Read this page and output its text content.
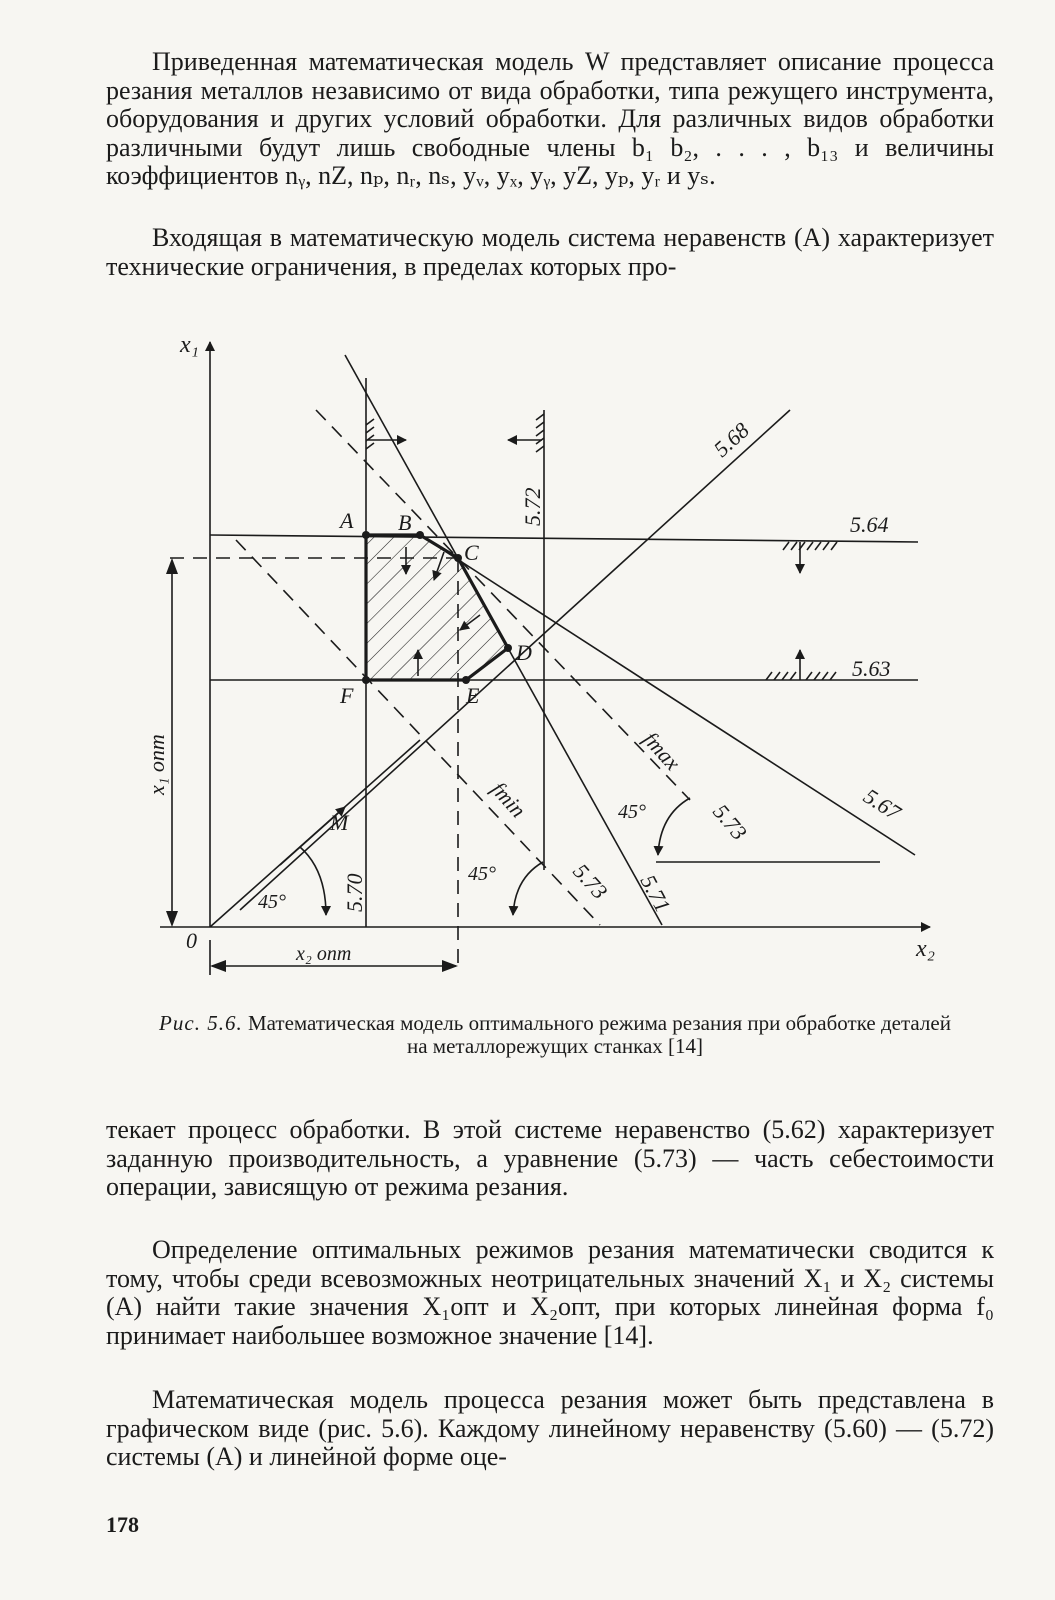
Приведенная математическая модель W представляет описание процесса резания металлов независимо от вида обработки, типа режущего инструмента, оборудования и других условий обработки. Для различных видов обработки различными будут лишь свободные члены b₁ b₂, . . . , b₁₃ и величины коэффициентов nᵧ, nZ, nₚ, nᵣ, nₛ, yᵥ, yₓ, yᵧ, yZ, yₚ, yᵣ и yₛ.

Входящая в математическую модель система неравенств (A) характеризует технические ограничения, в пределах которых про-

x₁
x₂
0
A B
C
D
E
F
M
5.68
5.64
5.63
5.72
5.70
5.67
5.71
5.73
5.73
fmax
fmin
45°
45°
45°
x₁ опт
x₂ опт

Рис. 5.6. Математическая модель оптимального режима резания при обработке деталей на металлорежущих станках [14]

текает процесс обработки. В этой системе неравенство (5.62) характеризует заданную производительность, а уравнение (5.73) — часть себестоимости операции, зависящую от режима резания.

Определение оптимальных режимов резания математически сводится к тому, чтобы среди всевозможных неотрицательных значений X₁ и X₂ системы (A) найти такие значения X₁опт и X₂опт, при которых линейная форма f₀ принимает наибольшее возможное значение [14].

Математическая модель процесса резания может быть представлена в графическом виде (рис. 5.6). Каждому линейному неравенству (5.60) — (5.72) системы (A) и линейной форме оце-

178
